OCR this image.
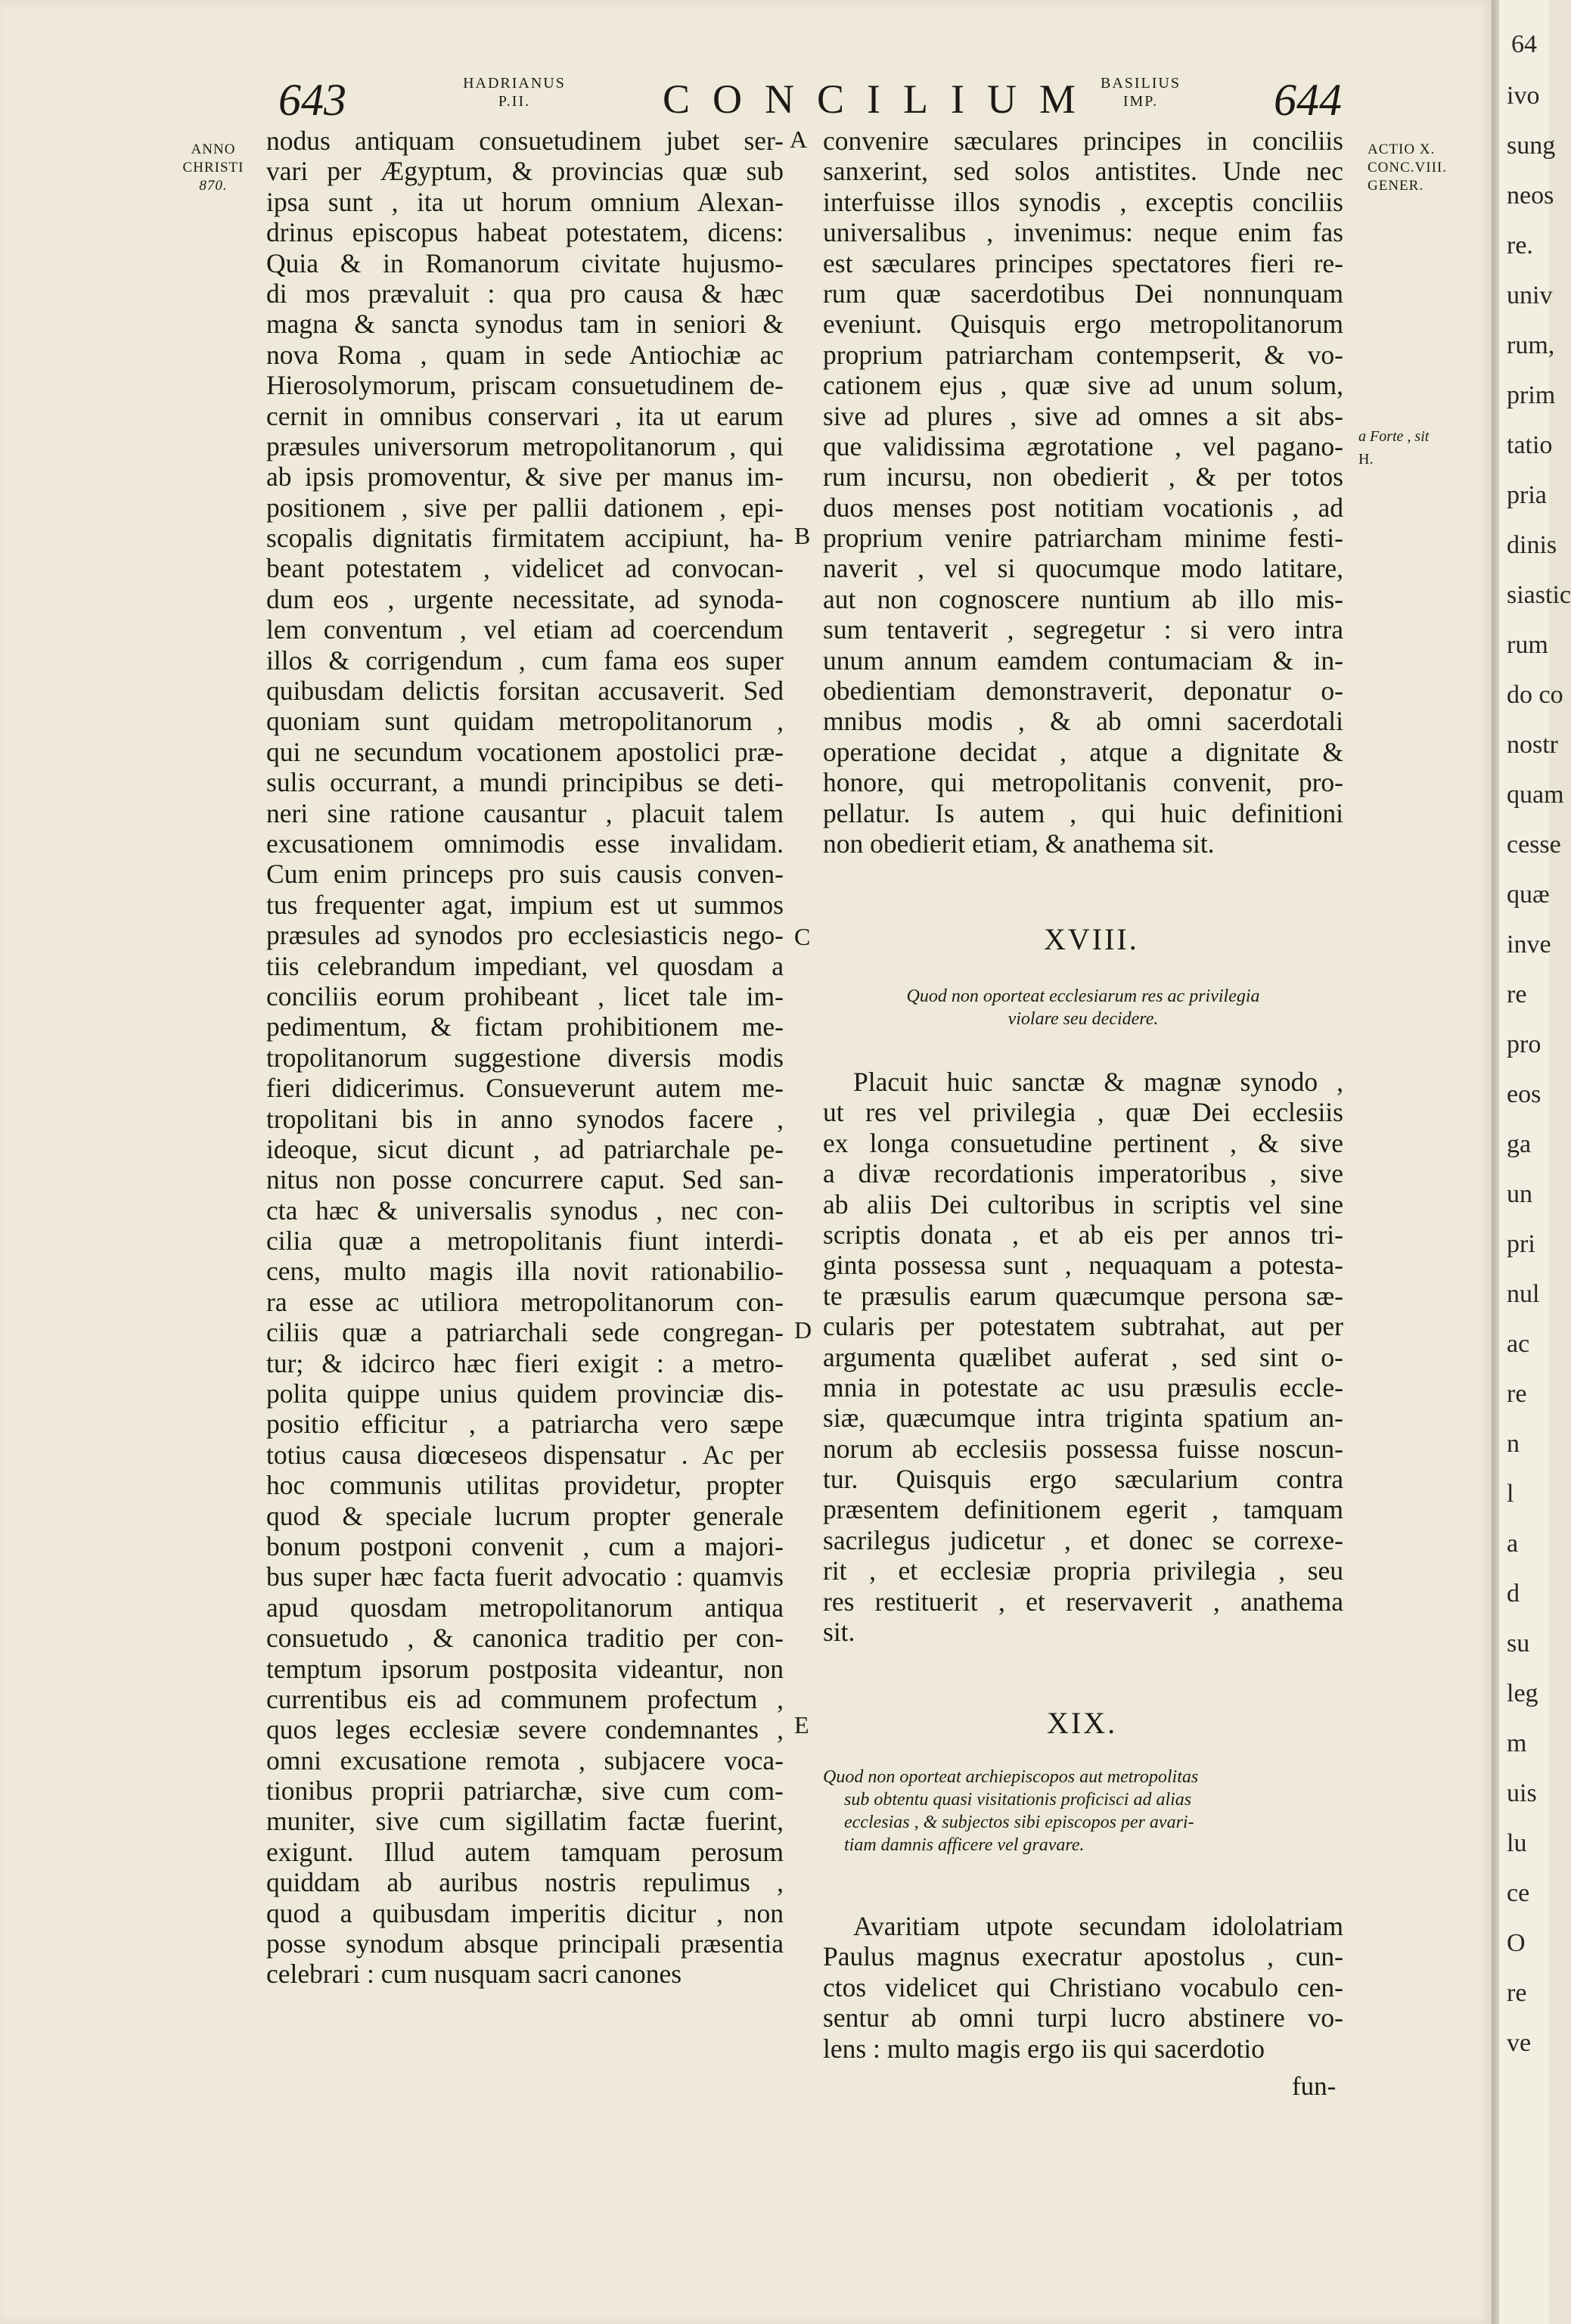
643	HADRIANUS
P.II.	CONCILIUM BASILIUS
IMP.	644
ANNO
CHRISTI
870.
ACTIO X.
CONC.VIII.
GENER.
A
B
C
D
E
a Forte , sit
H.
nodus antiquam consuetudinem jubet ser-
vari per Ægyptum, & provincias quæ sub
ipsa sunt , ita ut horum omnium Alexan-
drinus episcopus habeat potestatem, dicens:
Quia & in Romanorum civitate hujusmo-
di mos prævaluit : qua pro causa & hæc
magna & sancta synodus tam in seniori &
nova Roma , quam in sede Antiochiæ ac
Hierosolymorum, priscam consuetudinem de-
cernit in omnibus conservari , ita ut earum
præsules universorum metropolitanorum , qui
ab ipsis promoventur, & sive per manus im-
positionem , sive per pallii dationem , epi-
scopalis dignitatis firmitatem accipiunt, ha-
beant potestatem , videlicet ad convocan-
dum eos , urgente necessitate, ad synoda-
lem conventum , vel etiam ad coercendum
illos & corrigendum , cum fama eos super
quibusdam delictis forsitan accusaverit. Sed
quoniam sunt quidam metropolitanorum ,
qui ne secundum vocationem apostolici præ-
sulis occurrant, a mundi principibus se deti-
neri sine ratione causantur , placuit talem
excusationem omnimodis esse invalidam.
Cum enim princeps pro suis causis conven-
tus frequenter agat, impium est ut summos
præsules ad synodos pro ecclesiasticis nego-
tiis celebrandum impediant, vel quosdam a
conciliis eorum prohibeant , licet tale im-
pedimentum, & fictam prohibitionem me-
tropolitanorum suggestione diversis modis
fieri didicerimus. Consueverunt autem me-
tropolitani bis in anno synodos facere ,
ideoque, sicut dicunt , ad patriarchale pe-
nitus non posse concurrere caput. Sed san-
cta hæc & universalis synodus , nec con-
cilia quæ a metropolitanis fiunt interdi-
cens, multo magis illa novit rationabilio-
ra esse ac utiliora metropolitanorum con-
ciliis quæ a patriarchali sede congregan-
tur; & idcirco hæc fieri exigit : a metro-
polita quippe unius quidem provinciæ dis-
positio efficitur , a patriarcha vero sæpe
totius causa diœceseos dispensatur . Ac per
hoc communis utilitas providetur, propter
quod & speciale lucrum propter generale
bonum postponi convenit , cum a majori-
bus super hæc facta fuerit advocatio : quamvis
apud quosdam metropolitanorum antiqua
consuetudo , & canonica traditio per con-
temptum ipsorum postposita videantur, non
currentibus eis ad communem profectum ,
quos leges ecclesiæ severe condemnantes ,
omni excusatione remota , subjacere voca-
tionibus proprii patriarchæ, sive cum com-
muniter, sive cum sigillatim factæ fuerint,
exigunt. Illud autem tamquam perosum
quiddam ab auribus nostris repulimus ,
quod a quibusdam imperitis dicitur , non
posse synodum absque principali præsentia
celebrari : cum nusquam sacri canones
convenire sæculares principes in conciliis
sanxerint, sed solos antistites. Unde nec
interfuisse illos synodis , exceptis conciliis
universalibus , invenimus: neque enim fas
est sæculares principes spectatores fieri re-
rum quæ sacerdotibus Dei nonnunquam
eveniunt. Quisquis ergo metropolitanorum
proprium patriarcham contempserit, & vo-
cationem ejus , quæ sive ad unum solum,
sive ad plures , sive ad omnes a sit abs-
que validissima ægrotatione , vel pagano-
rum incursu, non obedierit , & per totos
duos menses post notitiam vocationis , ad
proprium venire patriarcham minime festi-
naverit , vel si quocumque modo latitare,
aut non cognoscere nuntium ab illo mis-
sum tentaverit , segregetur : si vero intra
unum annum eamdem contumaciam & in-
obedientiam demonstraverit, deponatur o-
mnibus modis , & ab omni sacerdotali
operatione decidat , atque a dignitate &
honore, qui metropolitanis convenit, pro-
pellatur. Is autem , qui huic definitioni
non obedierit etiam, & anathema sit.
XVIII.
Quod non oporteat ecclesiarum res ac privilegia
violare seu decidere.
Placuit huic sanctæ & magnæ synodo ,
ut res vel privilegia , quæ Dei ecclesiis
ex longa consuetudine pertinent , & sive
a divæ recordationis imperatoribus , sive
ab aliis Dei cultoribus in scriptis vel sine
scriptis donata , et ab eis per annos tri-
ginta possessa sunt , nequaquam a potesta-
te præsulis earum quæcumque persona sæ-
cularis per potestatem subtrahat, aut per
argumenta quælibet auferat , sed sint o-
mnia in potestate ac usu præsulis eccle-
siæ, quæcumque intra triginta spatium an-
norum ab ecclesiis possessa fuisse noscun-
tur. Quisquis ergo sæcularium contra
præsentem definitionem egerit , tamquam
sacrilegus judicetur , et donec se correxe-
rit , et ecclesiæ propria privilegia , seu
res restituerit , et reservaverit , anathema
sit.
XIX.
Quod non oporteat archiepiscopos aut metropolitas
sub obtentu quasi visitationis proficisci ad alias
ecclesias , & subjectos sibi episcopos per avari-
tiam damnis afficere vel gravare.
Avaritiam utpote secundam idololatriam
Paulus magnus execratur apostolus , cun-
ctos videlicet qui Christiano vocabulo cen-
sentur ab omni turpi lucro abstinere vo-
lens : multo magis ergo iis qui sacerdotio
fun-
64
ivo
sung
neos
re.
univ
rum,
prim
tatio
pria
dinis
siastic
rum
do co
nostr
quam
cesse
quæ
inve
re
pro
eos
ga
un
pri
nul
ac
re
n
l
a
d
su
leg
m
uis
lu
ce
O
re
ve
